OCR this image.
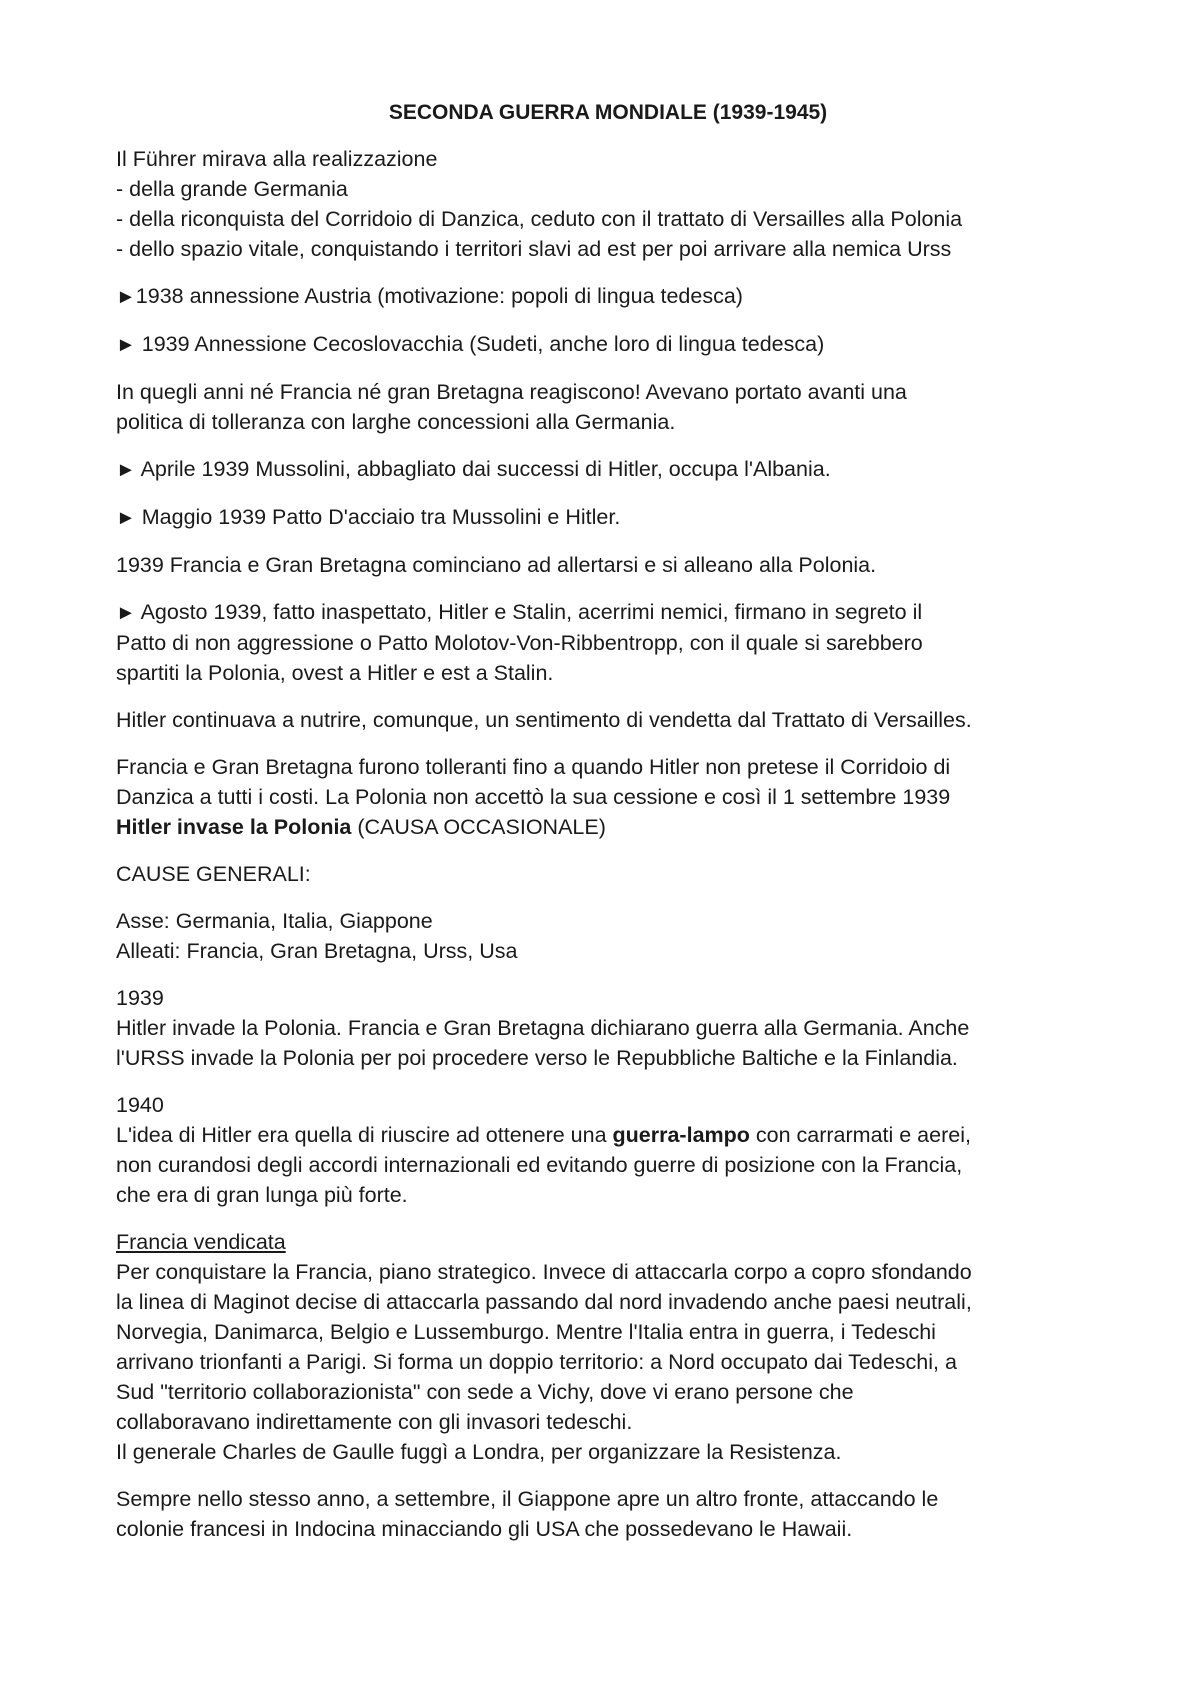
SECONDA GUERRA MONDIALE (1939-1945)

Il Führer mirava alla realizzazione
- della grande Germania
- della riconquista del Corridoio di Danzica, ceduto con il trattato di Versailles alla Polonia
- dello spazio vitale, conquistando i territori slavi ad est per poi arrivare alla nemica Urss

►1938 annessione Austria (motivazione: popoli di lingua tedesca)

► 1939 Annessione Cecoslovacchia (Sudeti, anche loro di lingua tedesca)

In quegli anni né Francia né gran Bretagna reagiscono! Avevano portato avanti una
politica di tolleranza con larghe concessioni alla Germania.

► Aprile 1939 Mussolini, abbagliato dai successi di Hitler, occupa l'Albania.

► Maggio 1939 Patto D'acciaio tra Mussolini e Hitler.

1939 Francia e Gran Bretagna cominciano ad allertarsi e si alleano alla Polonia.

► Agosto 1939, fatto inaspettato, Hitler e Stalin, acerrimi nemici, firmano in segreto il
Patto di non aggressione o Patto Molotov-Von-Ribbentropp, con il quale si sarebbero
spartiti la Polonia, ovest a Hitler e est a Stalin.

Hitler continuava a nutrire, comunque, un sentimento di vendetta dal Trattato di Versailles.

Francia e Gran Bretagna furono tolleranti fino a quando Hitler non pretese il Corridoio di
Danzica a tutti i costi. La Polonia non accettò la sua cessione e così il 1 settembre 1939
Hitler invase la Polonia (CAUSA OCCASIONALE)

CAUSE GENERALI:

Asse: Germania, Italia, Giappone
Alleati: Francia, Gran Bretagna, Urss, Usa

1939
Hitler invade la Polonia. Francia e Gran Bretagna dichiarano guerra alla Germania. Anche
l'URSS invade la Polonia per poi procedere verso le Repubbliche Baltiche e la Finlandia.

1940
L'idea di Hitler era quella di riuscire ad ottenere una guerra-lampo con carrarmati e aerei,
non curandosi degli accordi internazionali ed evitando guerre di posizione con la Francia,
che era di gran lunga più forte.

Francia vendicata
Per conquistare la Francia, piano strategico. Invece di attaccarla corpo a copro sfondando
la linea di Maginot decise di attaccarla passando dal nord invadendo anche paesi neutrali,
Norvegia, Danimarca, Belgio e Lussemburgo. Mentre l'Italia entra in guerra, i Tedeschi
arrivano trionfanti a Parigi. Si forma un doppio territorio: a Nord occupato dai Tedeschi, a
Sud "territorio collaborazionista" con sede a Vichy, dove vi erano persone che
collaboravano indirettamente con gli invasori tedeschi.
Il generale Charles de Gaulle fuggì a Londra, per organizzare la Resistenza.

Sempre nello stesso anno, a settembre, il Giappone apre un altro fronte, attaccando le
colonie francesi in Indocina minacciando gli USA che possedevano le Hawaii.
